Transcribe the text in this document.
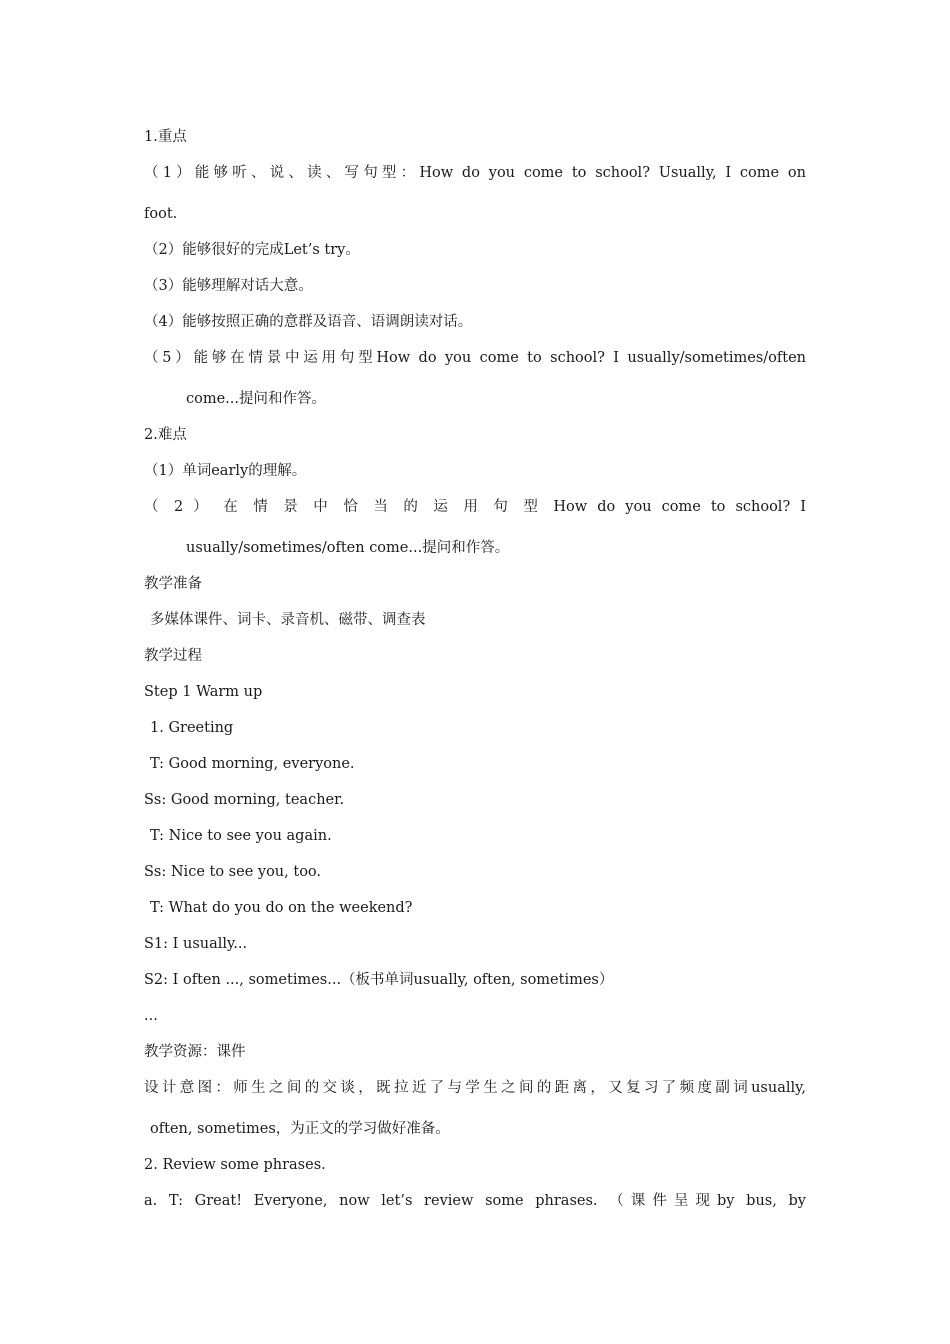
1.重点
（1）能够听、说、读、写句型：How do you come to school? Usually, I come on
foot.
（2）能够很好的完成Let’s try。
（3）能够理解对话大意。
（4）能够按照正确的意群及语音、语调朗读对话。
（5）能够在情景中运用句型How do you come to school? I usually/sometimes/often
come...提问和作答。
2.难点
（1）单词early的理解。
（ 2 ） 在 情 景 中 恰 当 的 运 用 句 型 How do you come to school? I
usually/sometimes/often come...提问和作答。
教学准备
多媒体课件、词卡、录音机、磁带、调查表
教学过程
Step 1 Warm up
1. Greeting
T: Good morning, everyone.
Ss: Good morning, teacher.
T: Nice to see you again.
Ss: Nice to see you, too.
T: What do you do on the weekend?
S1: I usually...
S2: I often ..., sometimes...（板书单词usually, often, sometimes）
...
教学资源：课件
设计意图：师生之间的交谈，既拉近了与学生之间的距离，又复习了频度副词usually,
often, sometimes，为正文的学习做好准备。
2. Review some phrases.
a. T: Great! Everyone, now let’s review some phrases. （课件呈现by bus, by
